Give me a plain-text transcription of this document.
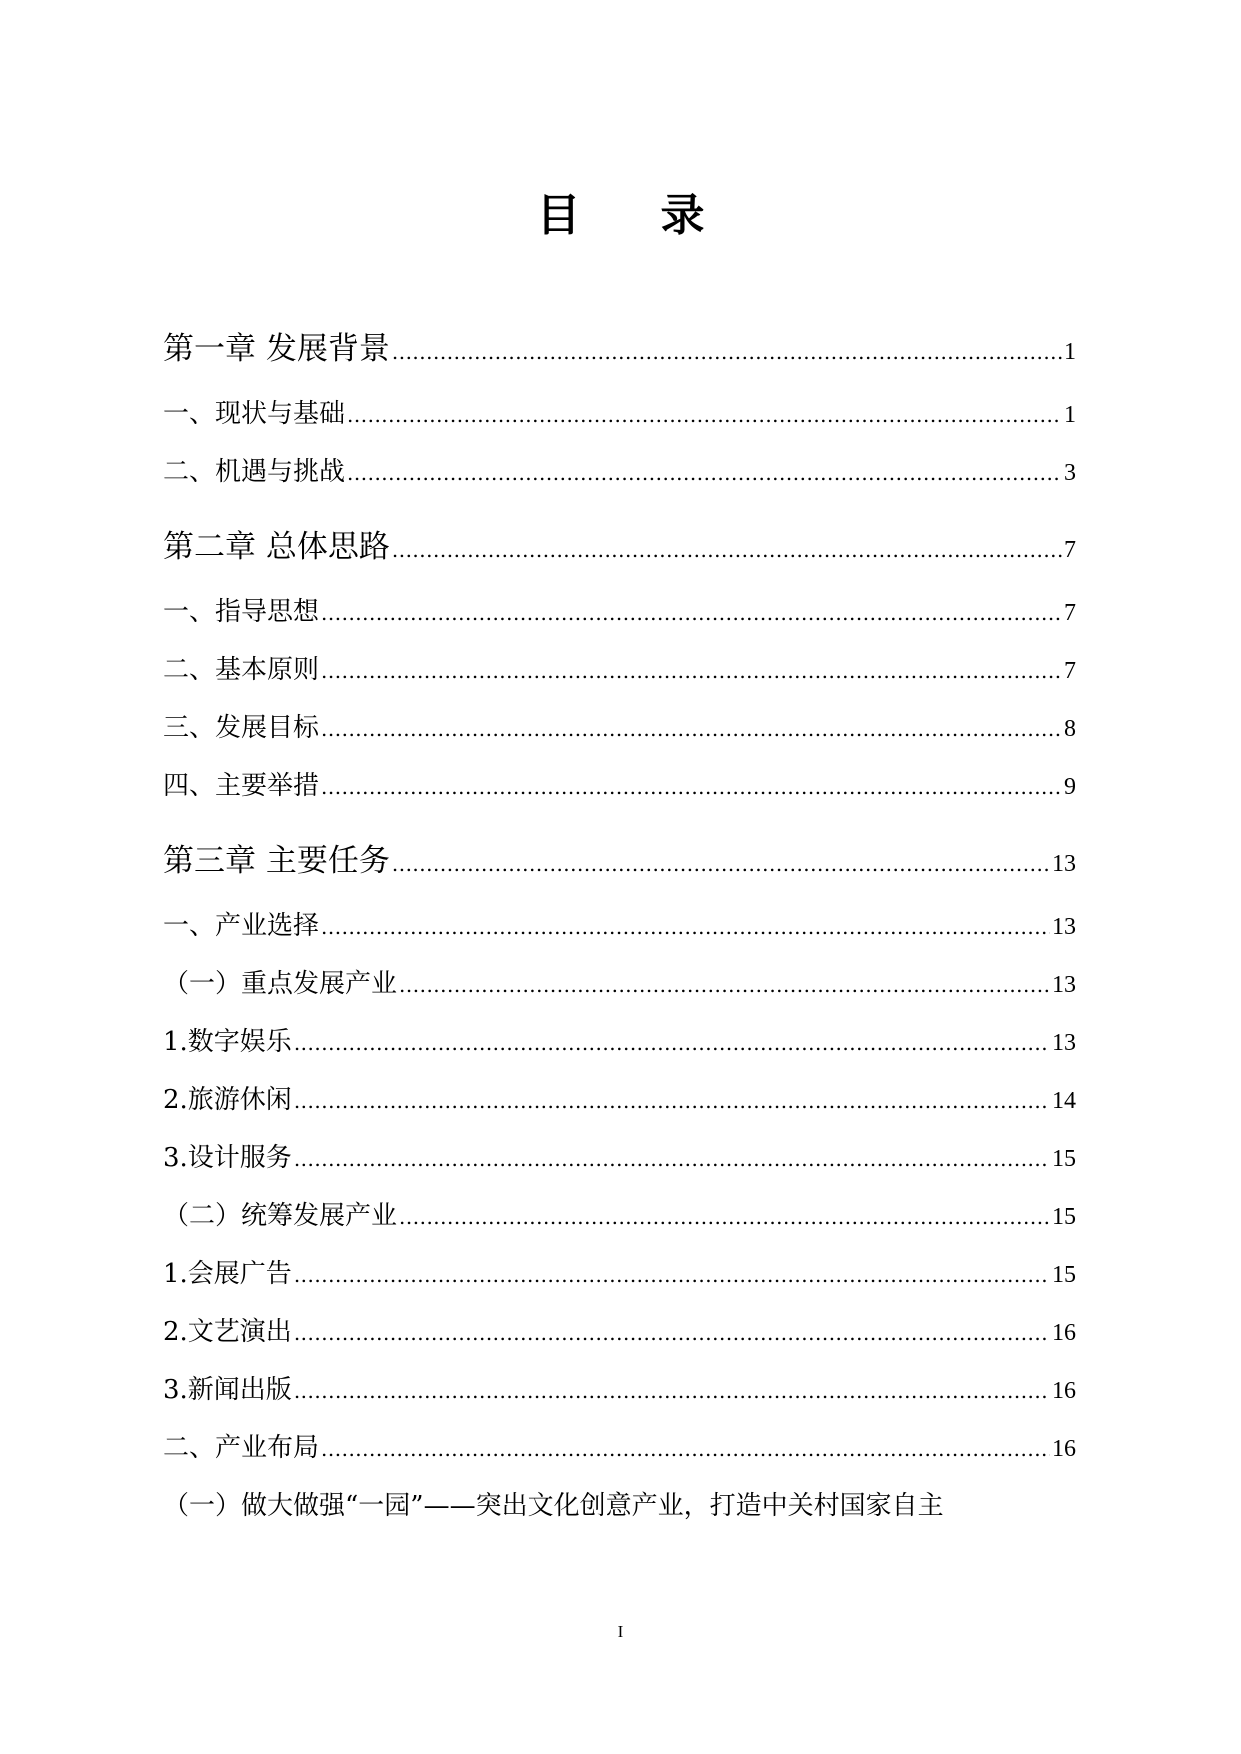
目 录
第一章 发展背景 .....	1
一、现状与基础 .....	1
二、机遇与挑战 .....	3
第二章 总体思路 .....	7
一、指导思想 .....	7
二、基本原则 .....	7
三、发展目标 .....	8
四、主要举措 .....	9
第三章 主要任务 .....	13
一、产业选择 .....	13
（一）重点发展产业 .....	13
1.数字娱乐 .....	13
2.旅游休闲 .....	14
3.设计服务 .....	15
（二）统筹发展产业 .....	15
1.会展广告 .....	15
2.文艺演出 .....	16
3.新闻出版 .....	16
二、产业布局 .....	16
（一）做大做强“一园”——突出文化创意产业，打造中关村国家自主
I
